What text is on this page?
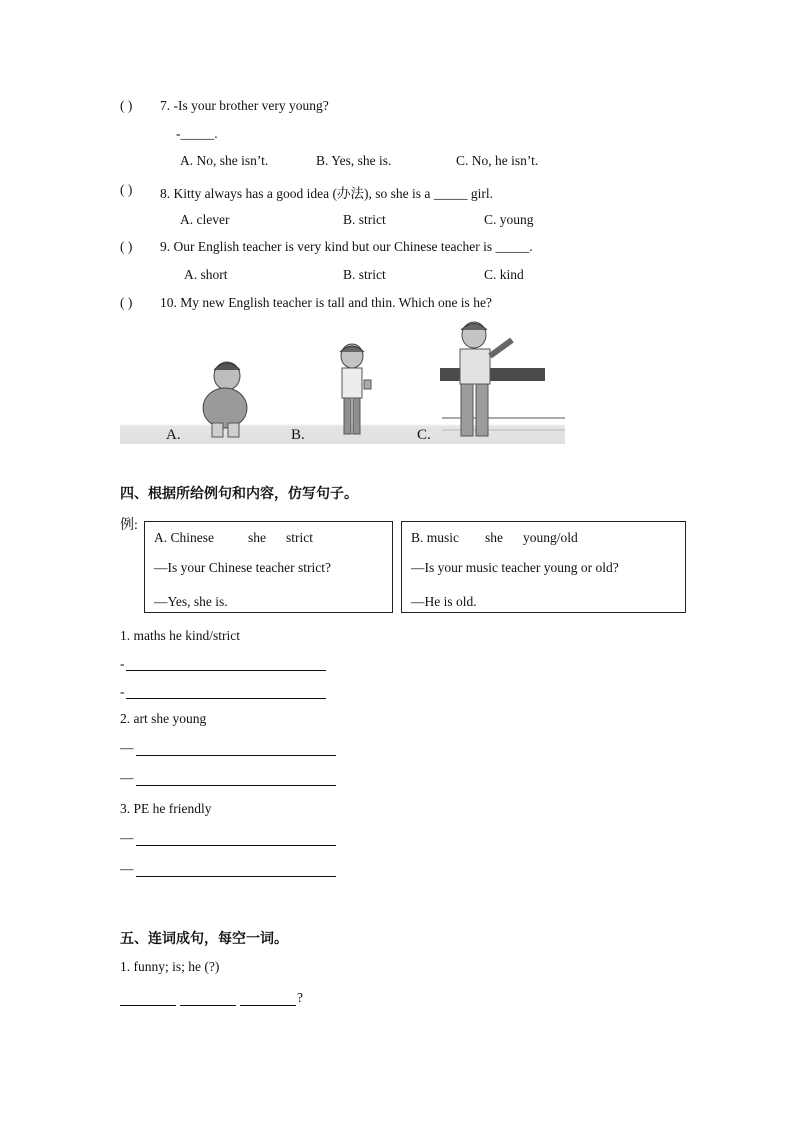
( ) 7. -Is your brother very young?
-_____.
A. No, she isn’t.	B. Yes, she is.	C. No, he isn’t.
( ) 8. Kitty always has a good idea (办法), so she is a _____ girl.
A. clever	B. strict	C. young
( ) 9. Our English teacher is very kind but our Chinese teacher is _____.
A. short	B. strict	C. kind
( ) 10. My new English teacher is tall and thin. Which one is he?
A.	B.	C.
四、根据所给例句和内容，仿写句子。
例:
A. Chinese	she strict
—Is your Chinese teacher strict?
—Yes, she is.
B. music she young/old
—Is your music teacher young or old?
—He is old.
1. maths he kind/strict
-
-
2. art she young
—
—
3. PE he friendly
—
—
五、连词成句，每空一词。
1. funny; is; he (?)
?
